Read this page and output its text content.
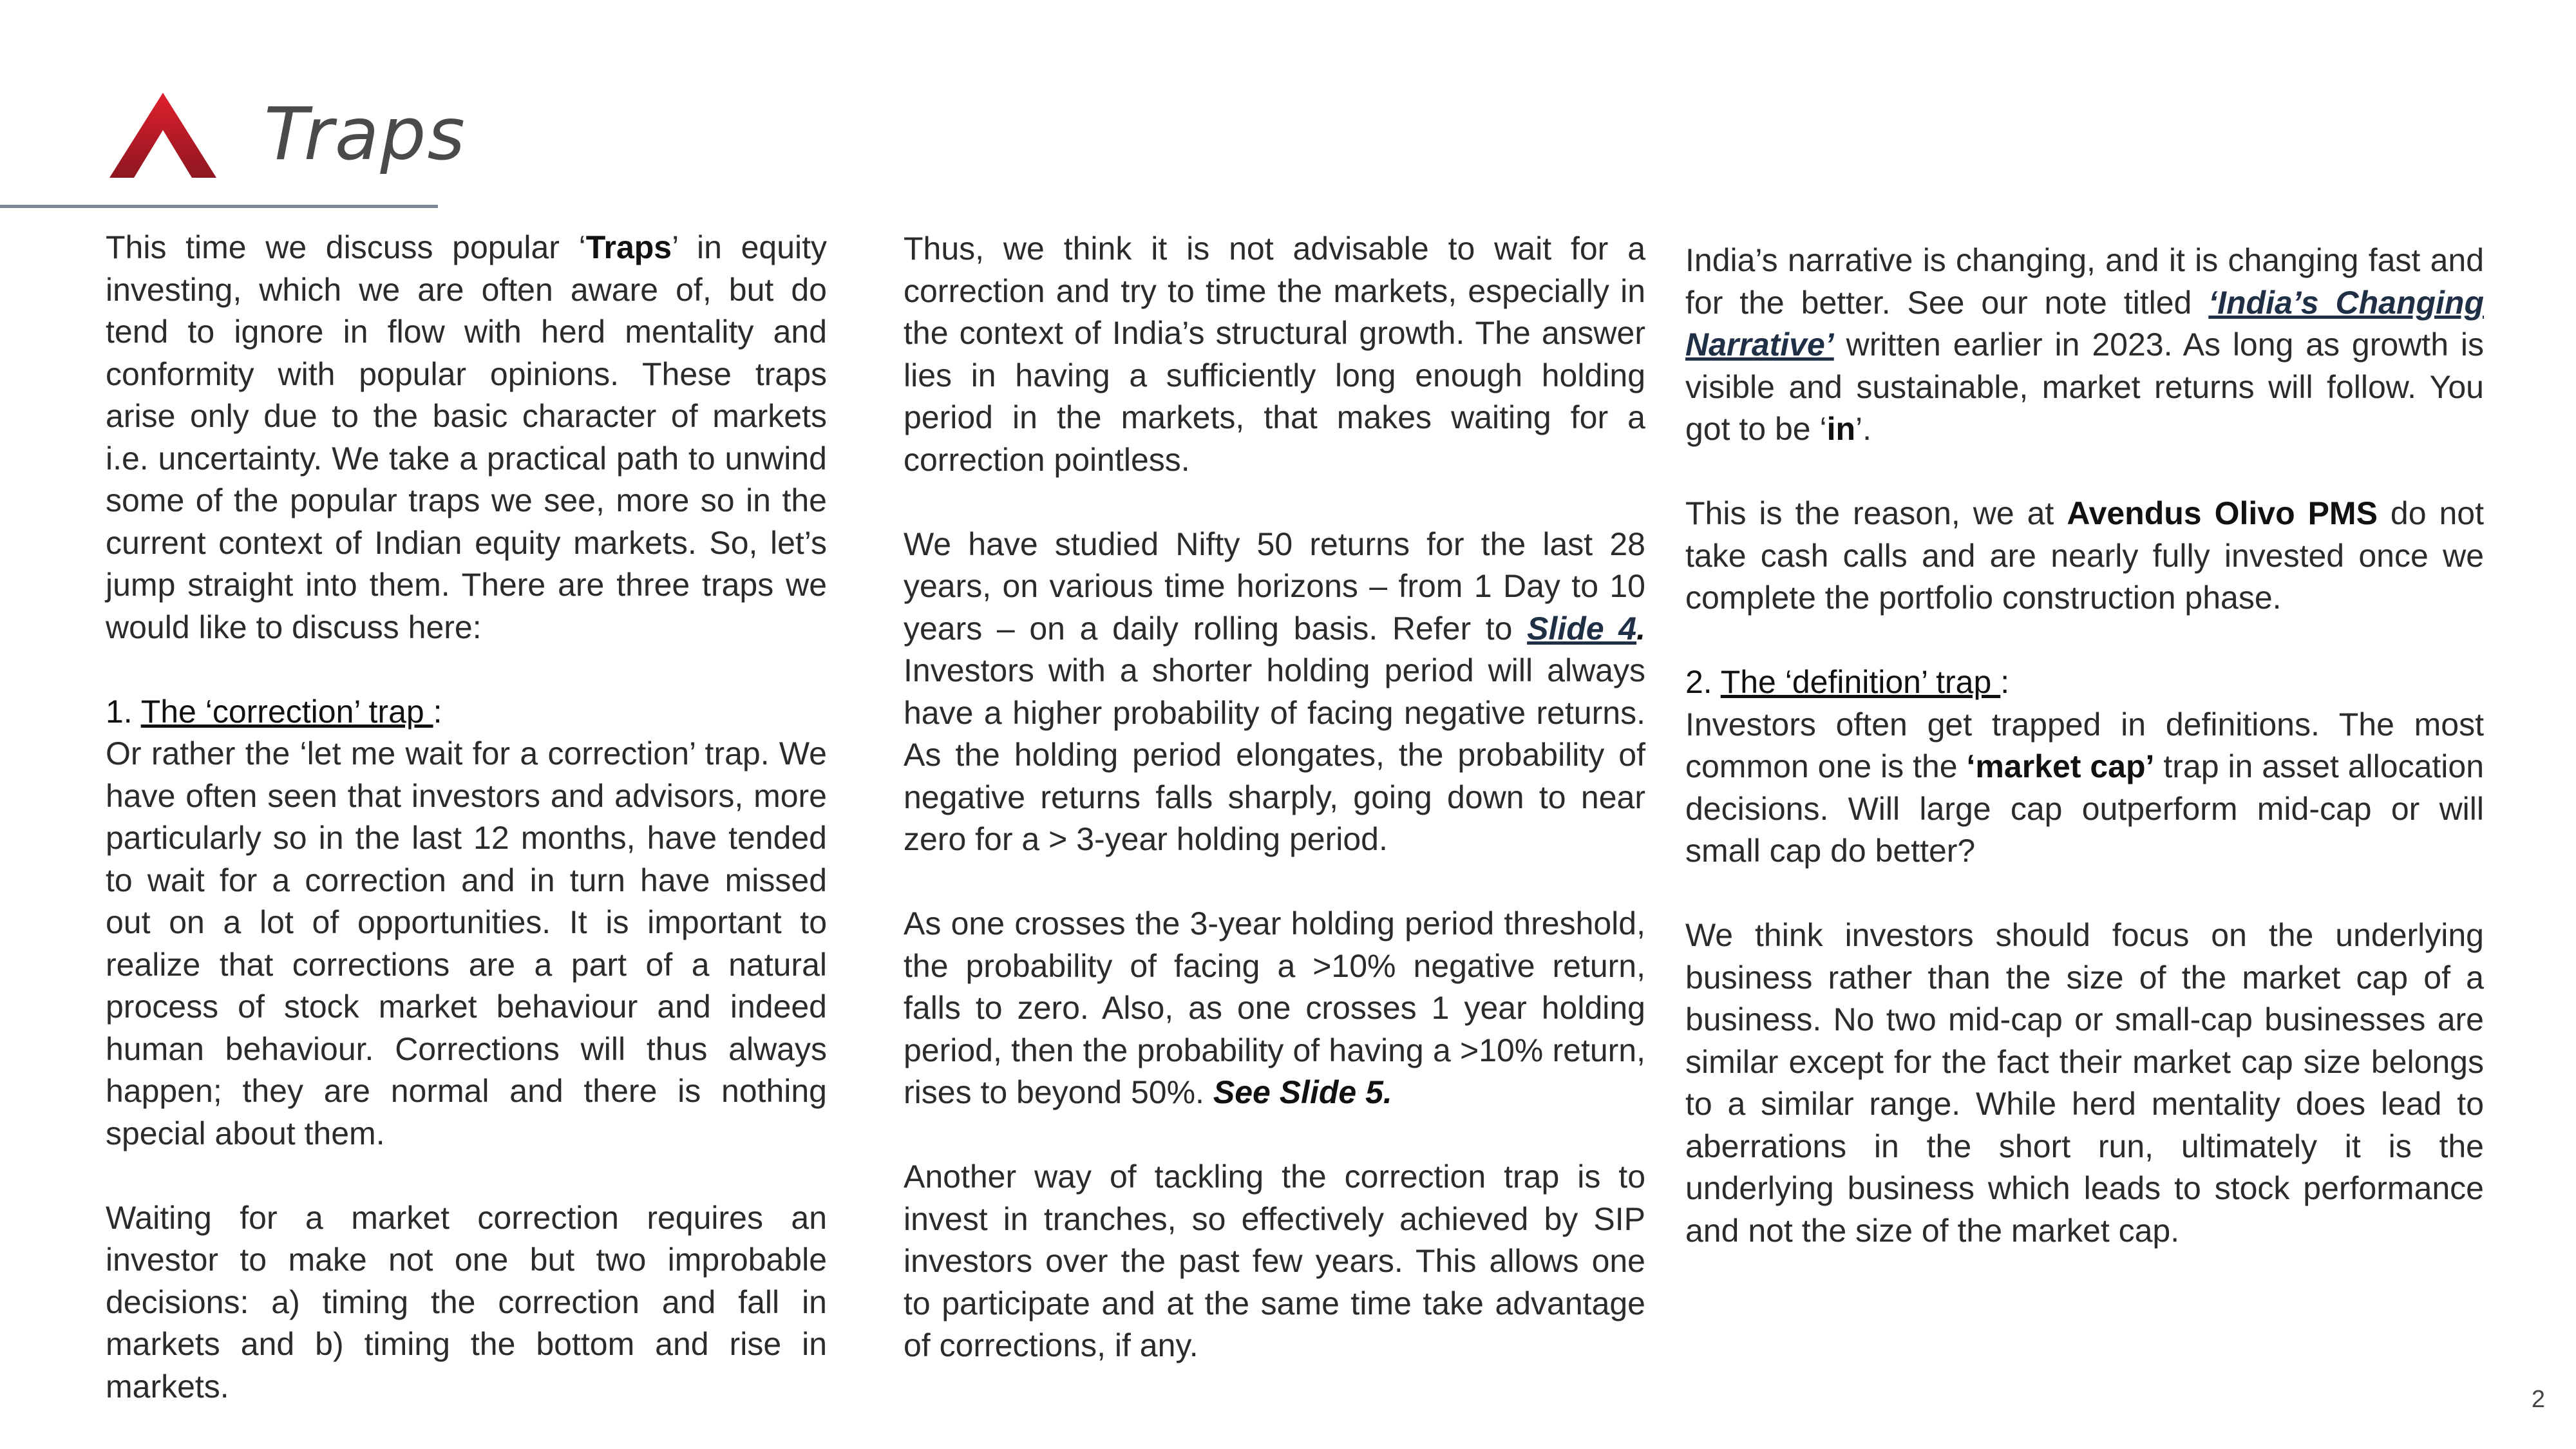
Traps

This time we discuss popular ‘Traps’ in equity investing, which we are often aware of, but do tend to ignore in flow with herd mentality and conformity with popular opinions. These traps arise only due to the basic character of markets i.e. uncertainty. We take a practical path to unwind some of the popular traps we see, more so in the current context of Indian equity markets. So, let’s jump straight into them. There are three traps we would like to discuss here:

1. The ‘correction’ trap :

Or rather the ‘let me wait for a correction’ trap. We have often seen that investors and advisors, more particularly so in the last 12 months, have tended to wait for a correction and in turn have missed out on a lot of opportunities. It is important to realize that corrections are a part of a natural process of stock market behaviour and indeed human behaviour. Corrections will thus always happen; they are normal and there is nothing special about them.

Waiting for a market correction requires an investor to make not one but two improbable decisions: a) timing the correction and fall in markets and b) timing the bottom and rise in markets.

Thus, we think it is not advisable to wait for a correction and try to time the markets, especially in the context of India’s structural growth. The answer lies in having a sufficiently long enough holding period in the markets, that makes waiting for a correction pointless.

We have studied Nifty 50 returns for the last 28 years, on various time horizons – from 1 Day to 10 years – on a daily rolling basis. Refer to Slide 4. Investors with a shorter holding period will always have a higher probability of facing negative returns. As the holding period elongates, the probability of negative returns falls sharply, going down to near zero for a > 3-year holding period.

As one crosses the 3-year holding period threshold, the probability of facing a >10% negative return, falls to zero. Also, as one crosses 1 year holding period, then the probability of having a >10% return, rises to beyond 50%. See Slide 5.

Another way of tackling the correction trap is to invest in tranches, so effectively achieved by SIP investors over the past few years. This allows one to participate and at the same time take advantage of corrections, if any.

India’s narrative is changing, and it is changing fast and for the better. See our note titled ‘India’s Changing Narrative’ written earlier in 2023. As long as growth is visible and sustainable, market returns will follow. You got to be ‘in’.

This is the reason, we at Avendus Olivo PMS do not take cash calls and are nearly fully invested once we complete the portfolio construction phase.

2. The ‘definition’ trap :

Investors often get trapped in definitions. The most common one is the ‘market cap’ trap in asset allocation decisions. Will large cap outperform mid-cap or will small cap do better?

We think investors should focus on the underlying business rather than the size of the market cap of a business. No two mid-cap or small-cap businesses are similar except for the fact their market cap size belongs to a similar range. While herd mentality does lead to aberrations in the short run, ultimately it is the underlying business which leads to stock performance and not the size of the market cap.

2
